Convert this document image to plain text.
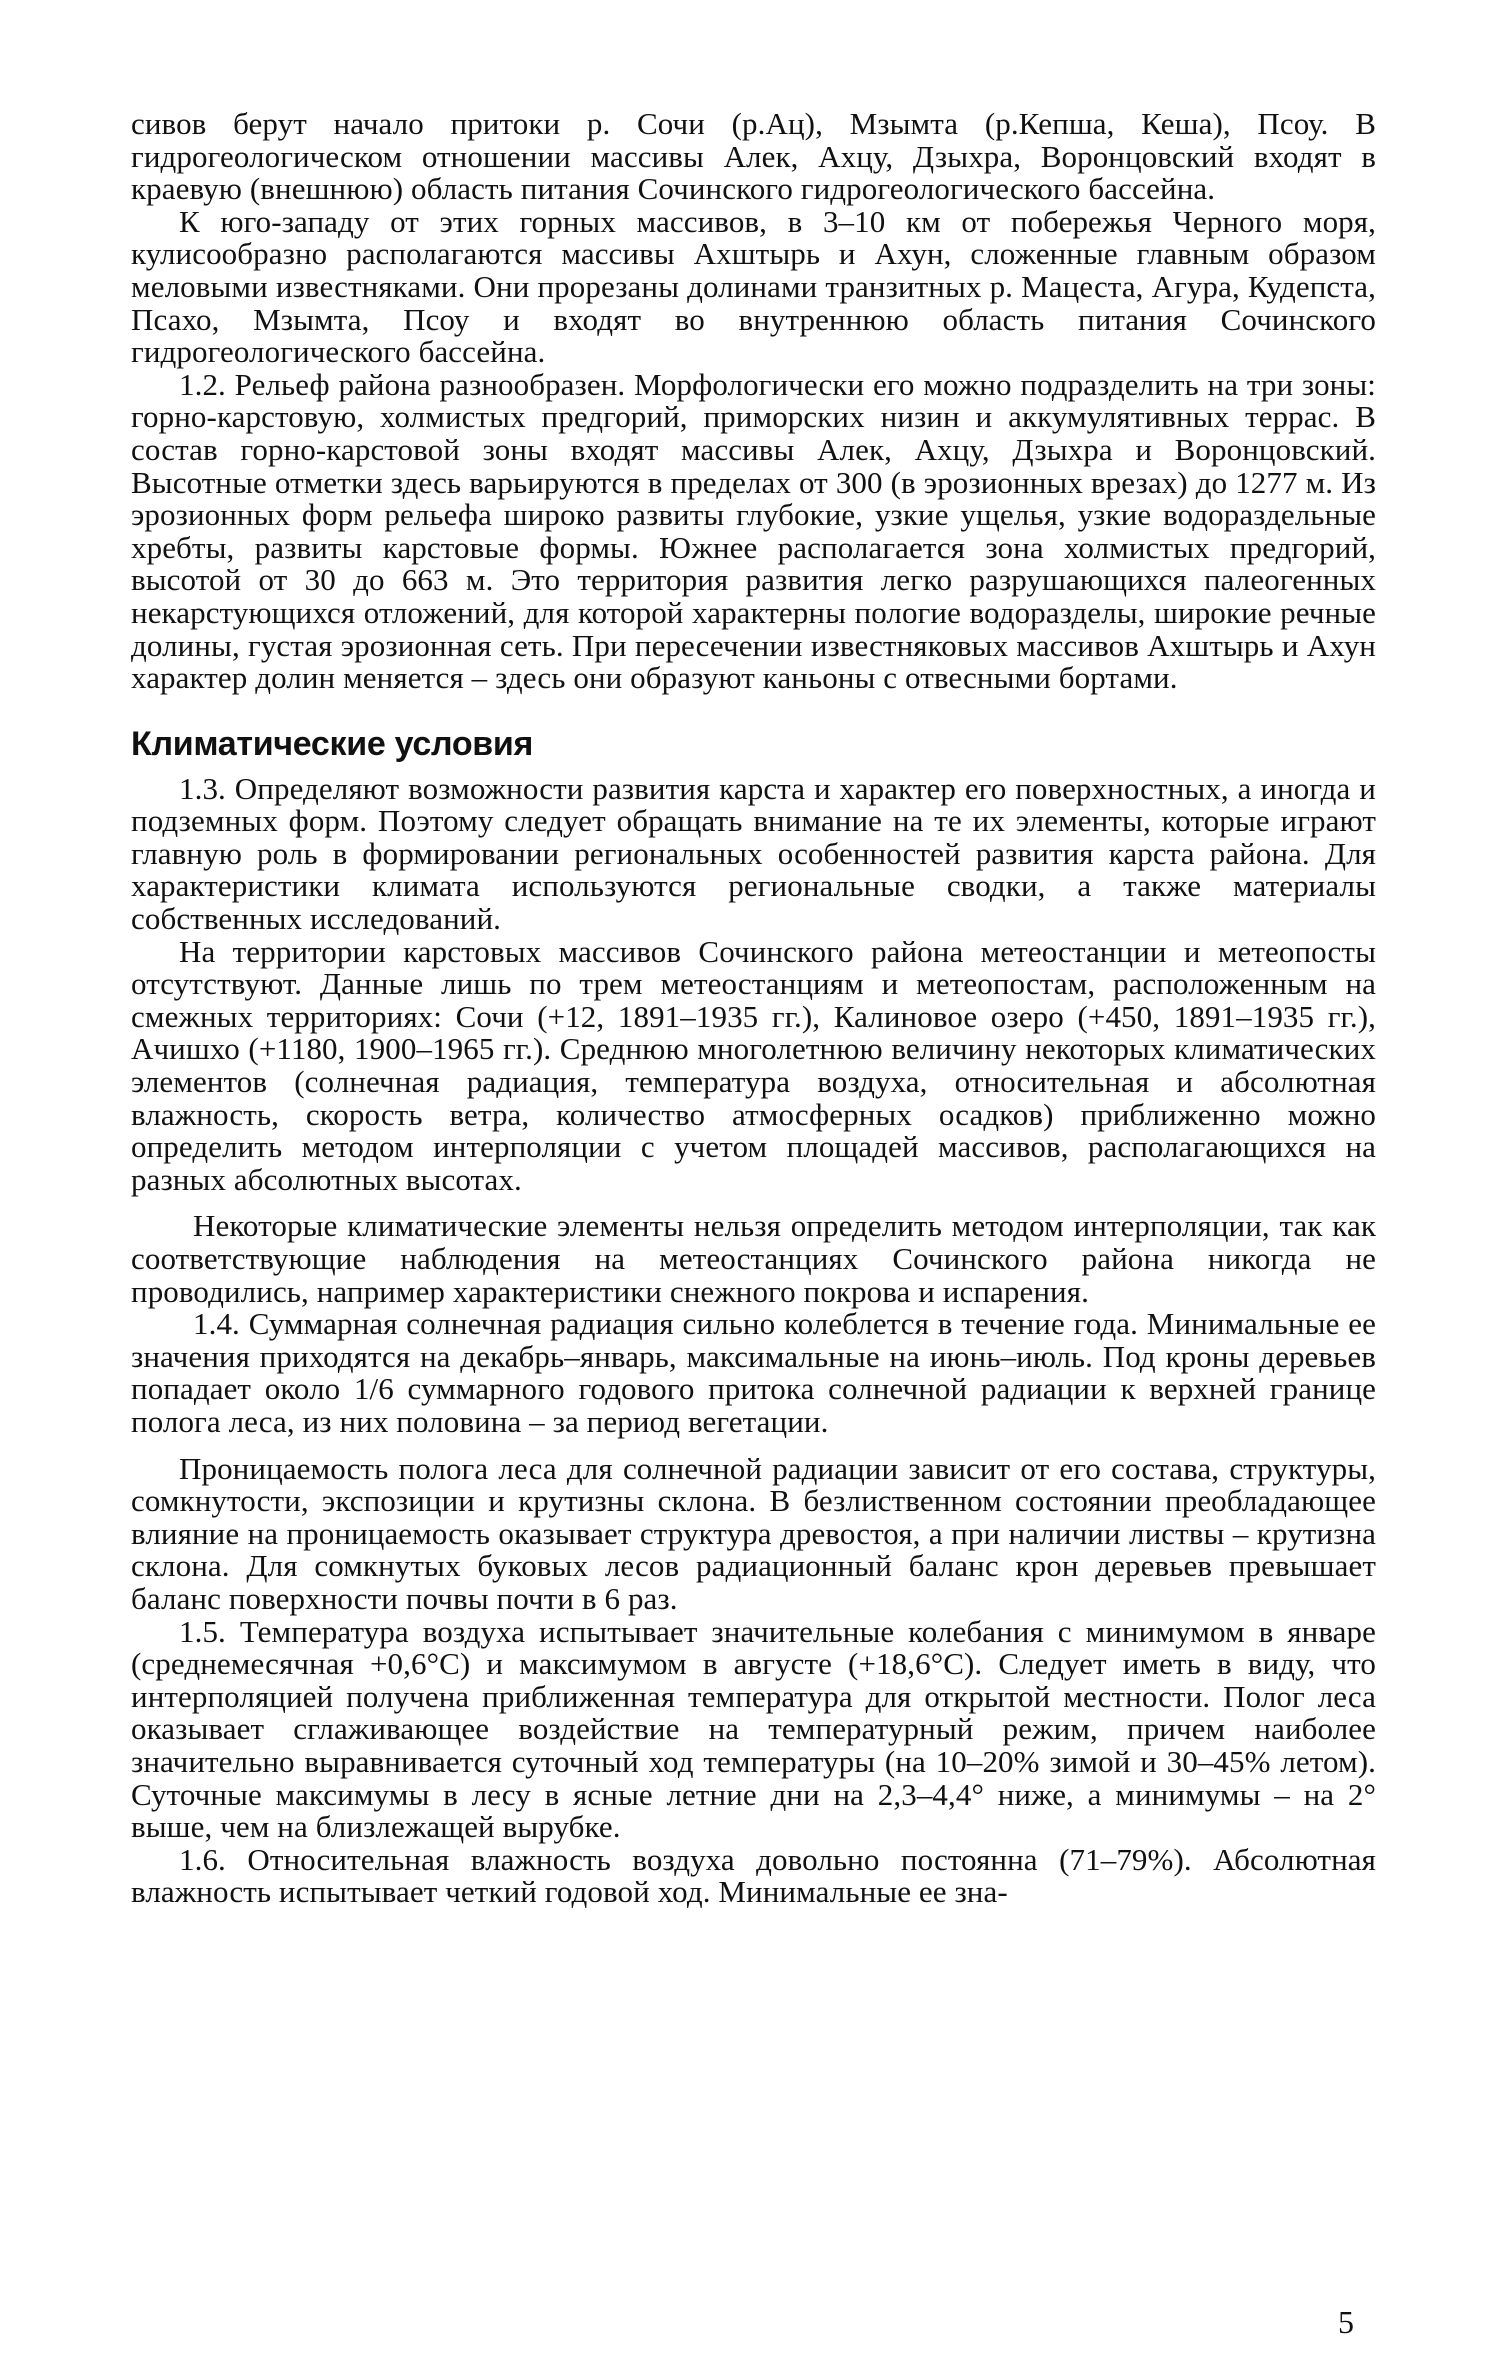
сивов берут начало притоки р. Сочи (р.Ац), Мзымта (р.Кепша, Кеша), Псоу. В гидрогеологическом отношении массивы Алек, Ахцу, Дзыхра, Воронцовский входят в краевую (внешнюю) область питания Сочинского гидрогеологического бассейна.

К юго-западу от этих горных массивов, в 3–10 км от побережья Черного моря, кулисообразно располагаются массивы Ахштырь и Ахун, сложенные главным образом меловыми известняками. Они прорезаны долинами транзитных р. Мацеста, Агура, Кудепста, Псахо, Мзымта, Псоу и входят во внутреннюю область питания Сочинского гидрогеологического бассейна.

1.2. Рельеф района разнообразен. Морфологически его можно подразделить на три зоны: горно-карстовую, холмистых предгорий, приморских низин и аккумулятивных террас. В состав горно-карстовой зоны входят массивы Алек, Ахцу, Дзыхра и Воронцовский. Высотные отметки здесь варьируются в пределах от 300 (в эрозионных врезах) до 1277 м. Из эрозионных форм рельефа широко развиты глубокие, узкие ущелья, узкие водораздельные хребты, развиты карстовые формы. Южнее располагается зона холмистых предгорий, высотой от 30 до 663 м. Это территория развития легко разрушающихся палеогенных некарстующихся отложений, для которой характерны пологие водоразделы, широкие речные долины, густая эрозионная сеть. При пересечении известняковых массивов Ахштырь и Ахун характер долин меняется – здесь они образуют каньоны с отвесными бортами.

Климатические условия

1.3. Определяют возможности развития карста и характер его поверхностных, а иногда и подземных форм. Поэтому следует обращать внимание на те их элементы, которые играют главную роль в формировании региональных особенностей развития карста района. Для характеристики климата используются региональные сводки, а также материалы собственных исследований.

На территории карстовых массивов Сочинского района метеостанции и метеопосты отсутствуют. Данные лишь по трем метеостанциям и метеопостам, расположенным на смежных территориях: Сочи (+12, 1891–1935 гг.), Калиновое озеро (+450, 1891–1935 гг.), Ачишхо (+1180, 1900–1965 гг.). Среднюю многолетнюю величину некоторых климатических элементов (солнечная радиация, температура воздуха, относительная и абсолютная влажность, скорость ветра, количество атмосферных осадков) приближенно можно определить методом интерполяции с учетом площадей массивов, располагающихся на разных абсолютных высотах.

Некоторые климатические элементы нельзя определить методом интерполяции, так как соответствующие наблюдения на метеостанциях Сочинского района никогда не проводились, например характеристики снежного покрова и испарения.

1.4. Суммарная солнечная радиация сильно колеблется в течение года. Минимальные ее значения приходятся на декабрь–январь, максимальные на июнь–июль. Под кроны деревьев попадает около 1/6 суммарного годового притока солнечной радиации к верхней границе полога леса, из них половина – за период вегетации.

Проницаемость полога леса для солнечной радиации зависит от его состава, структуры, сомкнутости, экспозиции и крутизны склона. В безлиственном состоянии преобладающее влияние на проницаемость оказывает структура древостоя, а при наличии листвы – крутизна склона. Для сомкнутых буковых лесов радиационный баланс крон деревьев превышает баланс поверхности почвы почти в 6 раз.

1.5. Температура воздуха испытывает значительные колебания с минимумом в январе (среднемесячная +0,6°С) и максимумом в августе (+18,6°С). Следует иметь в виду, что интерполяцией получена приближенная температура для открытой местности. Полог леса оказывает сглаживающее воздействие на температурный режим, причем наиболее значительно выравнивается суточный ход температуры (на 10–20% зимой и 30–45% летом). Суточные максимумы в лесу в ясные летние дни на 2,3–4,4° ниже, а минимумы – на 2° выше, чем на близлежащей вырубке.

1.6. Относительная влажность воздуха довольно постоянна (71–79%). Абсолютная влажность испытывает четкий годовой ход. Минимальные ее зна-

5
